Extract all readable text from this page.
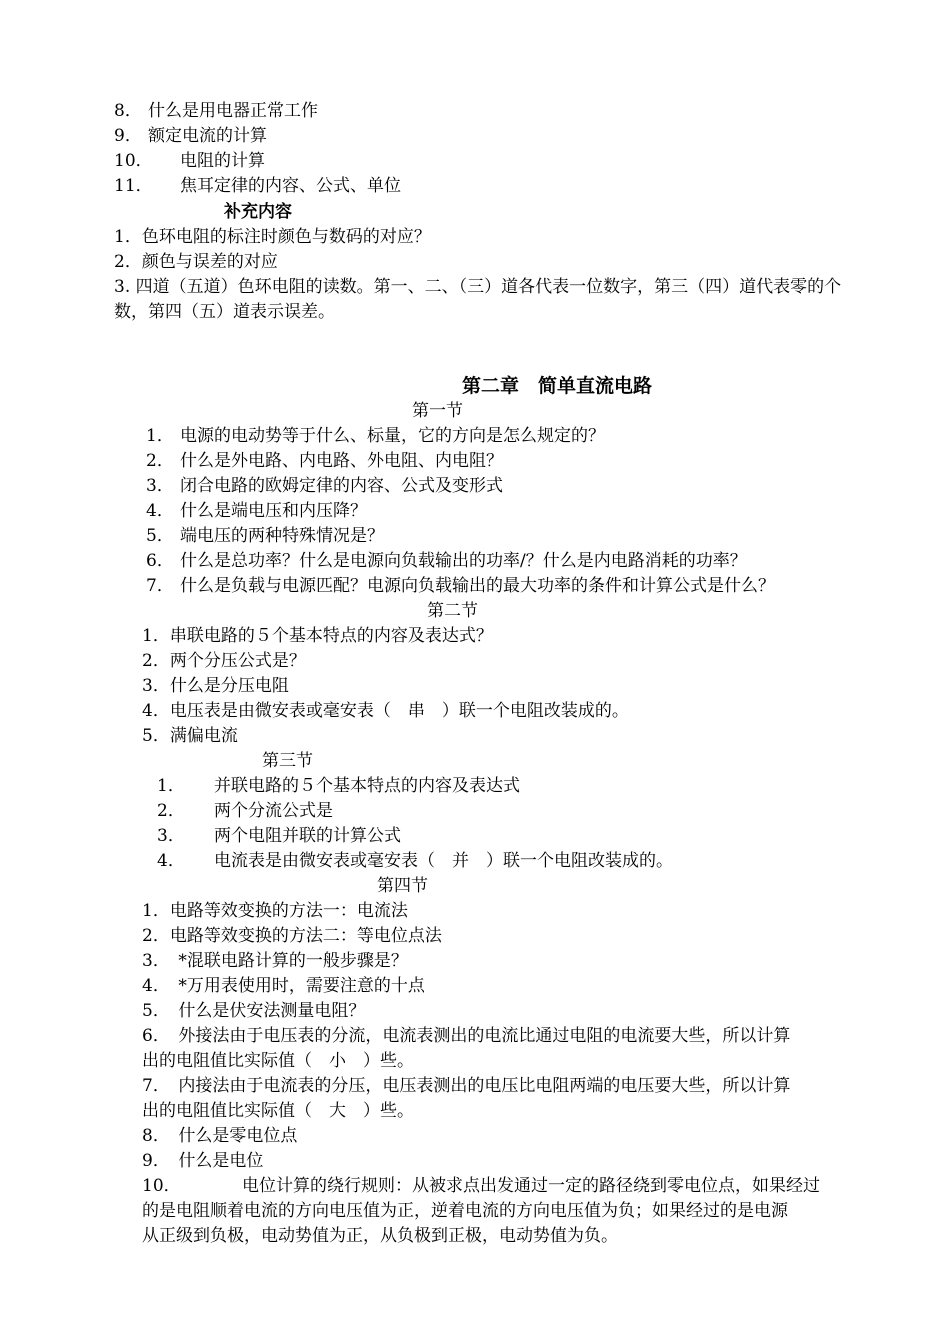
8． 什么是用电器正常工作
9． 额定电流的计算
10． 电阻的计算
11． 焦耳定律的内容、公式、单位
补充内容
1．色环电阻的标注时颜色与数码的对应？
2．颜色与误差的对应
3. 四道（五道）色环电阻的读数。第一、二、（三）道各代表一位数字，第三（四）道代表零的个
数，第四（五）道表示误差。
第二章　简单直流电路
第一节
1． 电源的电动势等于什么、标量，它的方向是怎么规定的？
2． 什么是外电路、内电路、外电阻、内电阻？
3． 闭合电路的欧姆定律的内容、公式及变形式
4． 什么是端电压和内压降？
5． 端电压的两种特殊情况是？
6． 什么是总功率？什么是电源向负载输出的功率/？什么是内电路消耗的功率？
7． 什么是负载与电源匹配？电源向负载输出的最大功率的条件和计算公式是什么？
第二节
1．串联电路的５个基本特点的内容及表达式？
2．两个分压公式是？
3．什么是分压电阻
4．电压表是由微安表或毫安表（　串　）联一个电阻改装成的。
5．满偏电流
第三节
1． 并联电路的５个基本特点的内容及表达式
2． 两个分流公式是
3． 两个电阻并联的计算公式
4． 电流表是由微安表或毫安表（　并　）联一个电阻改装成的。
第四节
1．电路等效变换的方法一：电流法
2．电路等效变换的方法二：等电位点法
3．　*混联电路计算的一般步骤是？
4．　*万用表使用时，需要注意的十点
5．　什么是伏安法测量电阻？
6．　外接法由于电压表的分流，电流表测出的电流比通过电阻的电流要大些，所以计算
出的电阻值比实际值（　小　）些。
7．　内接法由于电流表的分压，电压表测出的电压比电阻两端的电压要大些，所以计算
出的电阻值比实际值（　大　）些。
8．　什么是零电位点
9．　什么是电位
10．	电位计算的绕行规则：从被求点出发通过一定的路径绕到零电位点，如果经过
的是电阻顺着电流的方向电压值为正，逆着电流的方向电压值为负；如果经过的是电源
从正级到负极，电动势值为正，从负极到正极，电动势值为负。
